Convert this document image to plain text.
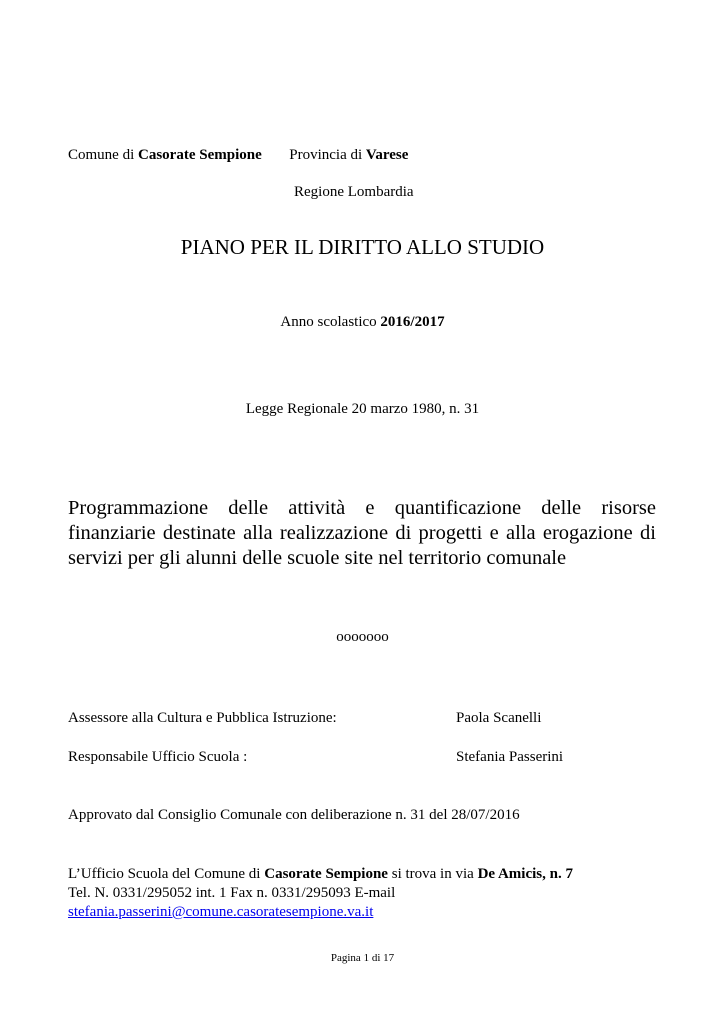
Comune di Casorate Sempione Provincia di Varese
Regione Lombardia
PIANO PER IL DIRITTO ALLO STUDIO
Anno scolastico 2016/2017
Legge Regionale 20 marzo 1980, n. 31
Programmazione delle attività e quantificazione delle risorse finanziarie destinate alla realizzazione di progetti e alla erogazione di servizi per gli alunni delle scuole site nel territorio comunale
ooooooo
Assessore alla Cultura e Pubblica Istruzione:	Paola Scanelli
Responsabile Ufficio Scuola :	Stefania Passerini
Approvato dal Consiglio Comunale con deliberazione n. 31 del 28/07/2016
L’Ufficio Scuola del Comune di Casorate Sempione si trova in via De Amicis, n. 7
Tel. N. 0331/295052 int. 1 Fax n. 0331/295093 E-mail
stefania.passerini@comune.casoratesempione.va.it
Pagina 1 di 17
